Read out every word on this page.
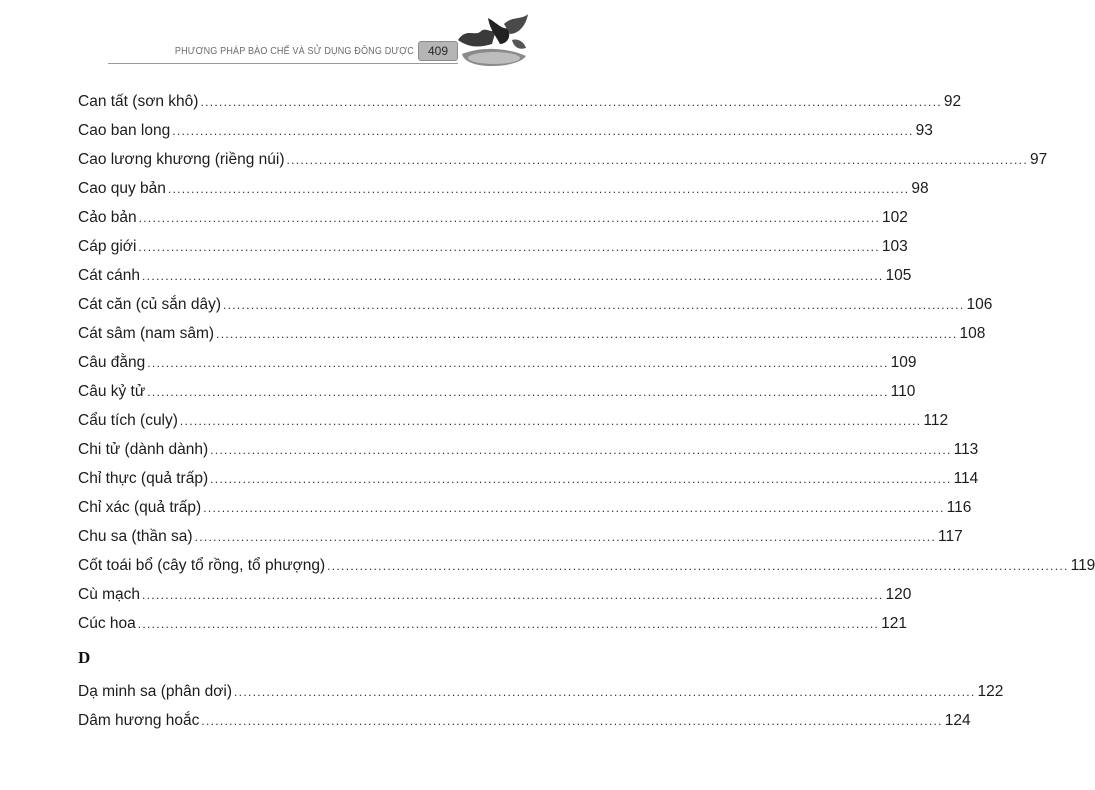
PHƯƠNG PHÁP BÀO CHẾ VÀ SỬ DỤNG ĐÔNG DƯỢC	409
Can tất (sơn khô) ................................................................................................................................................................ 92
Cao ban long ................................................................................................................................................................ 93
Cao lương khương (riềng núi) ................................................................................................................................................................ 97
Cao quy bản ................................................................................................................................................................ 98
Cảo bản ................................................................................................................................................................ 102
Cáp giới ................................................................................................................................................................ 103
Cát cánh ................................................................................................................................................................ 105
Cát căn (củ sắn dây) ................................................................................................................................................................ 106
Cát sâm (nam sâm) ................................................................................................................................................................ 108
Câu đằng ................................................................................................................................................................ 109
Câu kỷ tử ................................................................................................................................................................ 110
Cẩu tích (culy) ................................................................................................................................................................ 112
Chi tử (dành dành) ................................................................................................................................................................ 113
Chỉ thực (quả trấp) ................................................................................................................................................................ 114
Chỉ xác (quả trấp) ................................................................................................................................................................ 116
Chu sa (thần sa) ................................................................................................................................................................ 117
Cốt toái bổ (cây tổ rồng, tổ phượng) ................................................................................................................................................................ 119
Cù mạch ................................................................................................................................................................ 120
Cúc hoa ................................................................................................................................................................ 121
D
Dạ minh sa (phân dơi) ................................................................................................................................................................ 122
Dâm hương hoắc ................................................................................................................................................................ 124
